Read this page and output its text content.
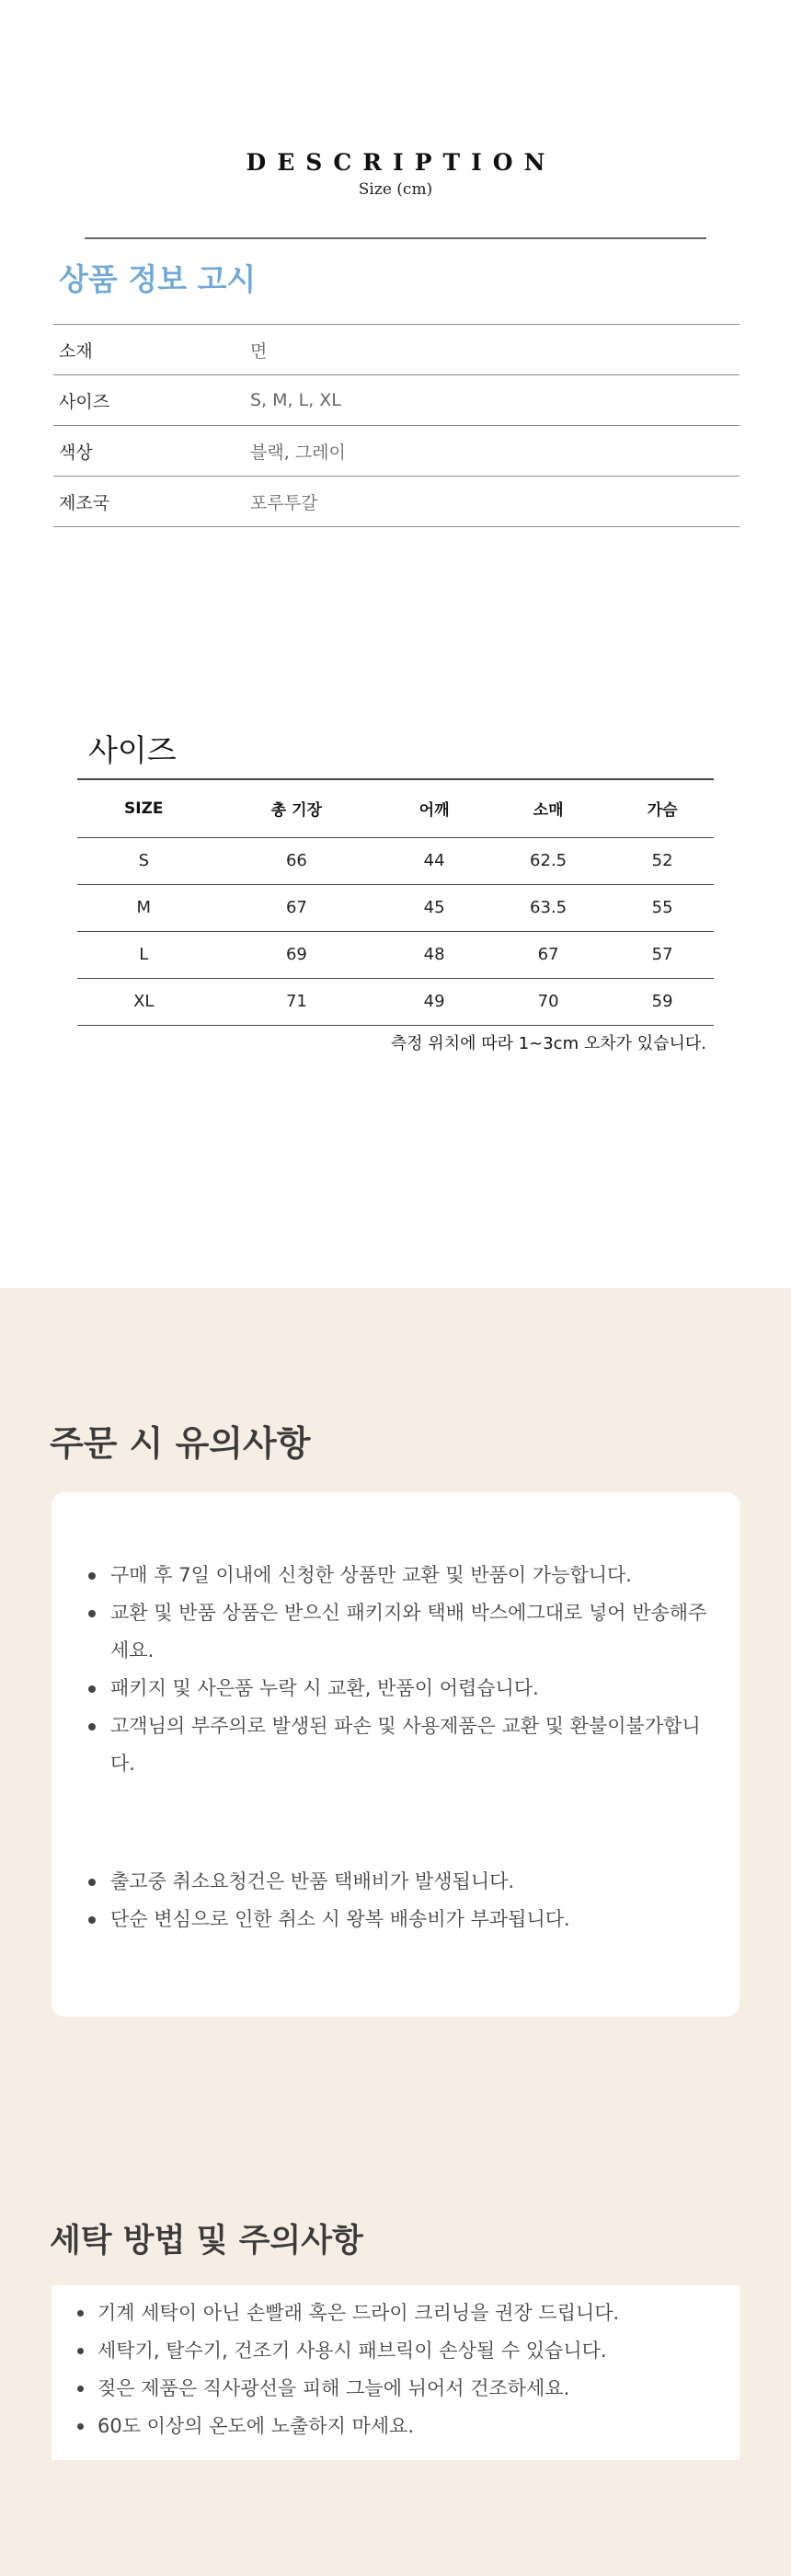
DESCRIPTION
Size (cm)
상품 정보 고시
소재	면
사이즈	S, M, L, XL
색상	블랙, 그레이
제조국	포루투갈
사이즈
SIZE	총 기장	어깨	소매	가슴
S	66	44	62.5	52
M	67	45	63.5	55
L	69	48	67	57
XL	71	49	70	59
측정 위치에 따라 1~3cm 오차가 있습니다.
주문 시 유의사항
구매 후 7일 이내에 신청한 상품만 교환 및 반품이 가능합니다.
교환 및 반품 상품은 받으신 패키지와 택배 박스에그대로 넣어 반송해주세요.
패키지 및 사은품 누락 시 교환, 반품이 어렵습니다.
고객님의 부주의로 발생된 파손 및 사용제품은 교환 및 환불이불가합니다.
출고중 취소요청건은 반품 택배비가 발생됩니다.
단순 변심으로 인한 취소 시 왕복 배송비가 부과됩니다.
세탁 방법 및 주의사항
기계 세탁이 아닌 손빨래 혹은 드라이 크리닝을 권장 드립니다.
세탁기, 탈수기, 건조기 사용시 패브릭이 손상될 수 있습니다.
젖은 제품은 직사광선을 피해 그늘에 뉘어서 건조하세요.
60도 이상의 온도에 노출하지 마세요.
